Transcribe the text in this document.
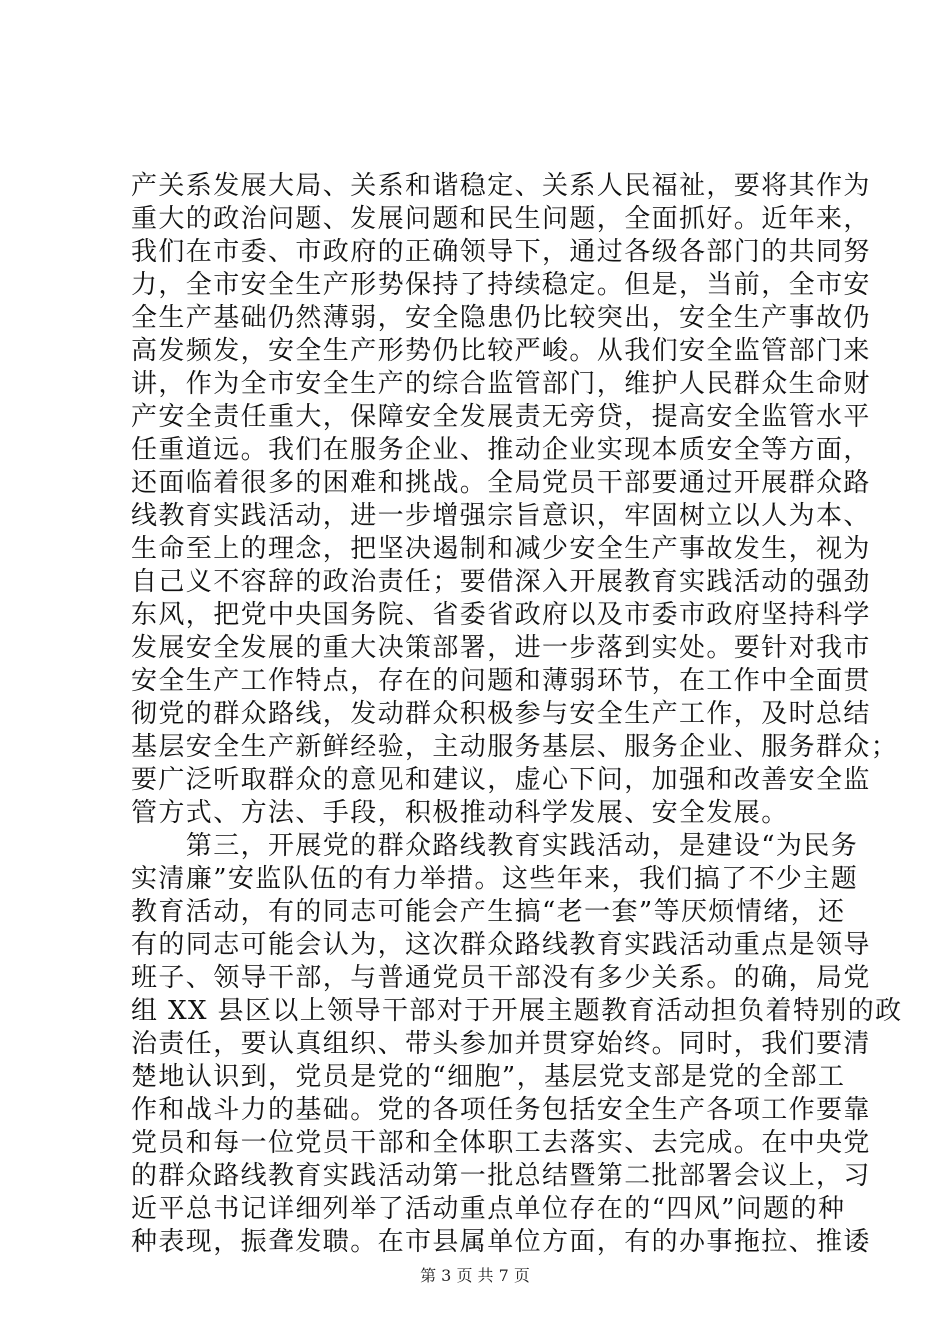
产关系发展大局、关系和谐稳定、关系人民福祉，要将其作为
重大的政治问题、发展问题和民生问题，全面抓好。近年来，
我们在市委、市政府的正确领导下，通过各级各部门的共同努
力，全市安全生产形势保持了持续稳定。但是，当前，全市安
全生产基础仍然薄弱，安全隐患仍比较突出，安全生产事故仍
高发频发，安全生产形势仍比较严峻。从我们安全监管部门来
讲，作为全市安全生产的综合监管部门，维护人民群众生命财
产安全责任重大，保障安全发展责无旁贷，提高安全监管水平
任重道远。我们在服务企业、推动企业实现本质安全等方面，
还面临着很多的困难和挑战。全局党员干部要通过开展群众路
线教育实践活动，进一步增强宗旨意识，牢固树立以人为本、
生命至上的理念，把坚决遏制和减少安全生产事故发生，视为
自己义不容辞的政治责任；要借深入开展教育实践活动的强劲
东风，把党中央国务院、省委省政府以及市委市政府坚持科学
发展安全发展的重大决策部署，进一步落到实处。要针对我市
安全生产工作特点，存在的问题和薄弱环节，在工作中全面贯
彻党的群众路线，发动群众积极参与安全生产工作，及时总结
基层安全生产新鲜经验，主动服务基层、服务企业、服务群众；
要广泛听取群众的意见和建议，虚心下问，加强和改善安全监
管方式、方法、手段，积极推动科学发展、安全发展。
　　第三，开展党的群众路线教育实践活动，是建设“为民务
实清廉”安监队伍的有力举措。这些年来，我们搞了不少主题
教育活动，有的同志可能会产生搞“老一套”等厌烦情绪，还
有的同志可能会认为，这次群众路线教育实践活动重点是领导
班子、领导干部，与普通党员干部没有多少关系。的确，局党
组 XX 县区以上领导干部对于开展主题教育活动担负着特别的政
治责任，要认真组织、带头参加并贯穿始终。同时，我们要清
楚地认识到，党员是党的“细胞”，基层党支部是党的全部工
作和战斗力的基础。党的各项任务包括安全生产各项工作要靠
党员和每一位党员干部和全体职工去落实、去完成。在中央党
的群众路线教育实践活动第一批总结暨第二批部署会议上，习
近平总书记详细列举了活动重点单位存在的“四风”问题的种
种表现，振聋发聩。在市县属单位方面，有的办事拖拉、推诿
第 3 页 共 7 页
